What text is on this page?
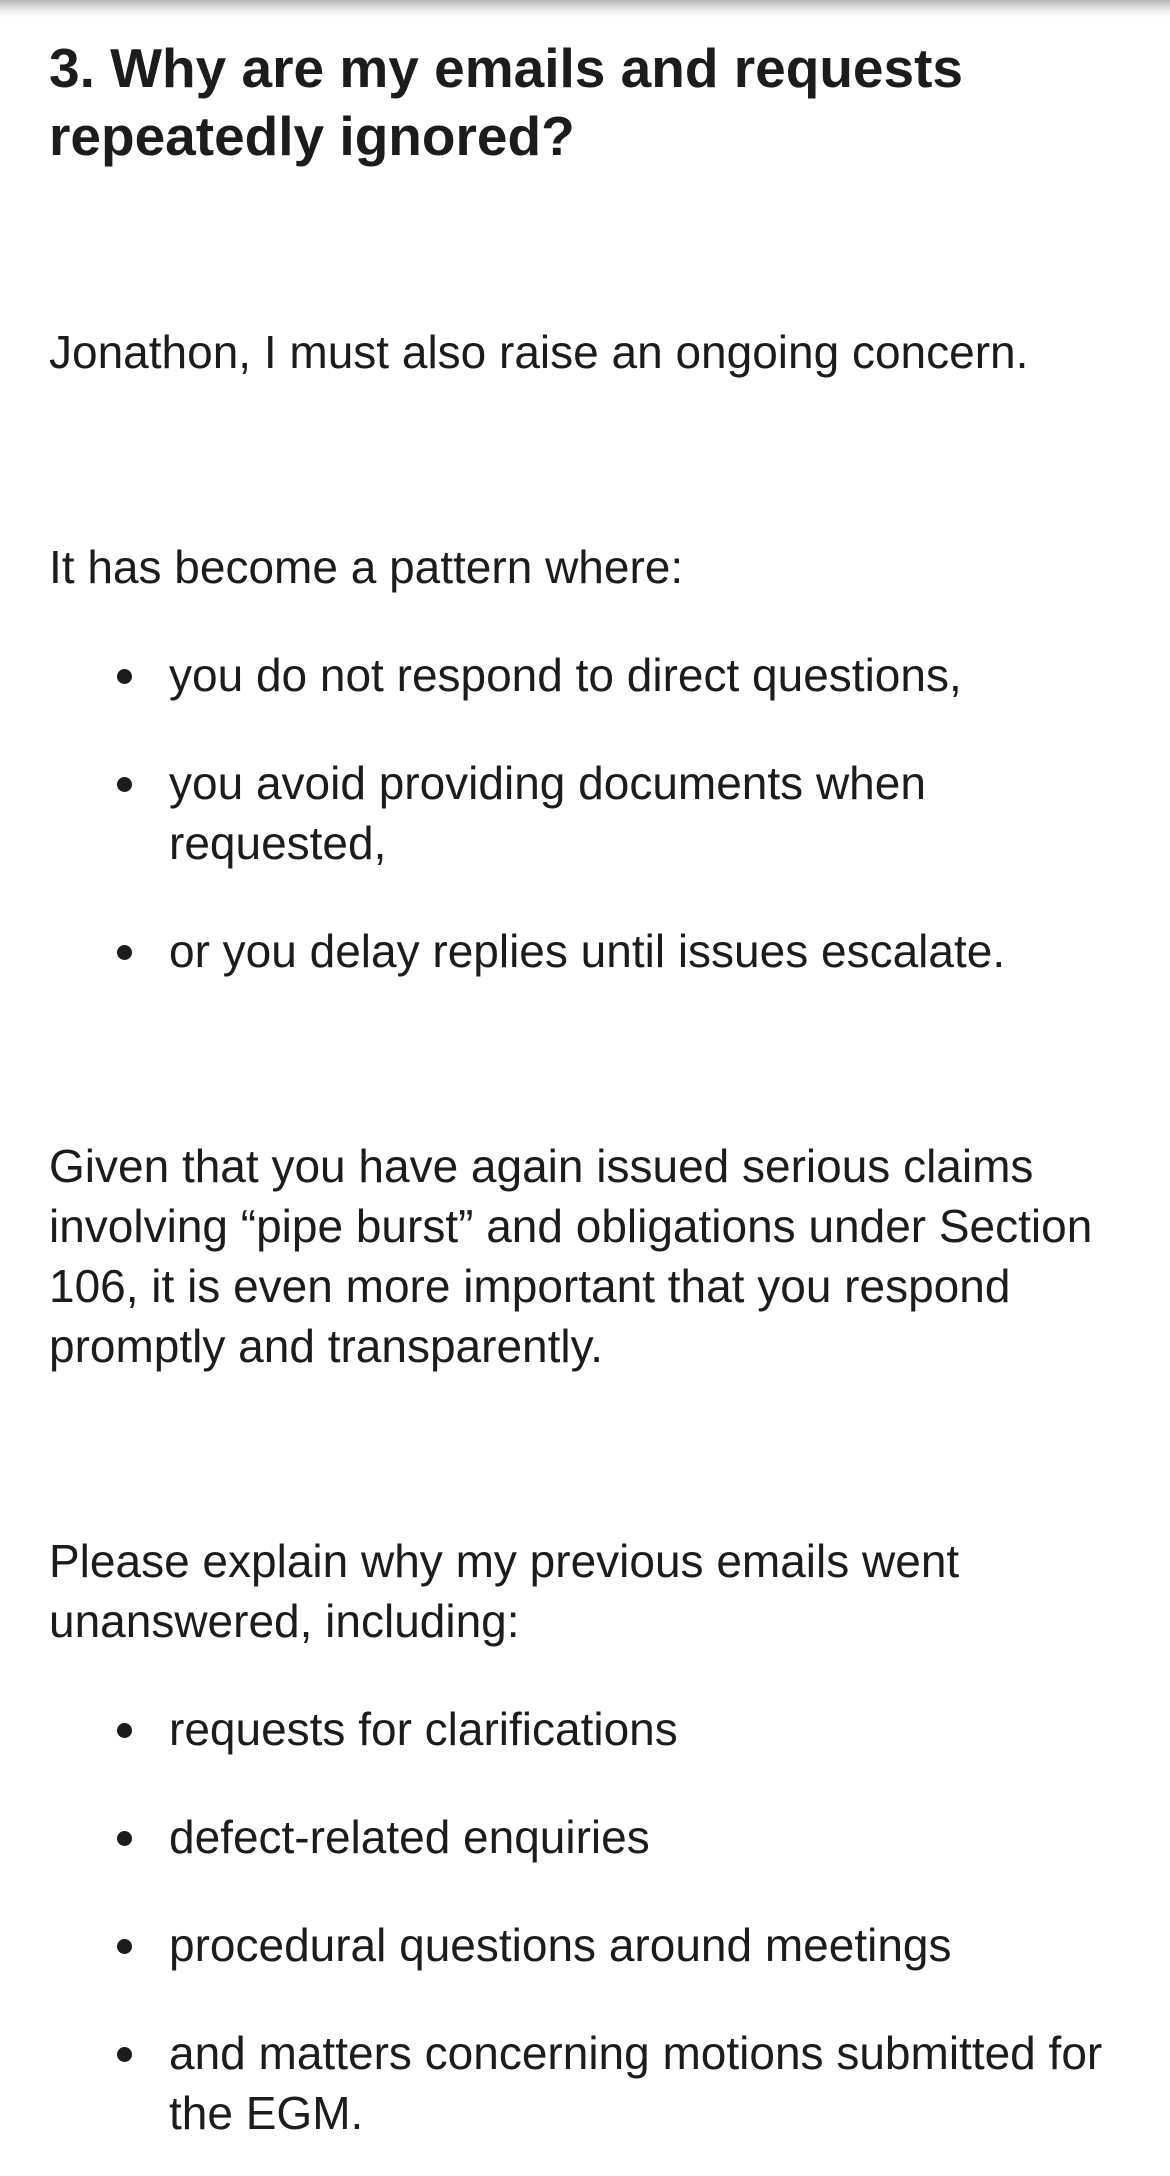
3. Why are my emails and requests repeatedly ignored?

Jonathon, I must also raise an ongoing concern.

It has become a pattern where:

you do not respond to direct questions,
you avoid providing documents when requested,
or you delay replies until issues escalate.

Given that you have again issued serious claims involving “pipe burst” and obligations under Section 106, it is even more important that you respond promptly and transparently.

Please explain why my previous emails went unanswered, including:

requests for clarifications
defect-related enquiries
procedural questions around meetings
and matters concerning motions submitted for the EGM.
